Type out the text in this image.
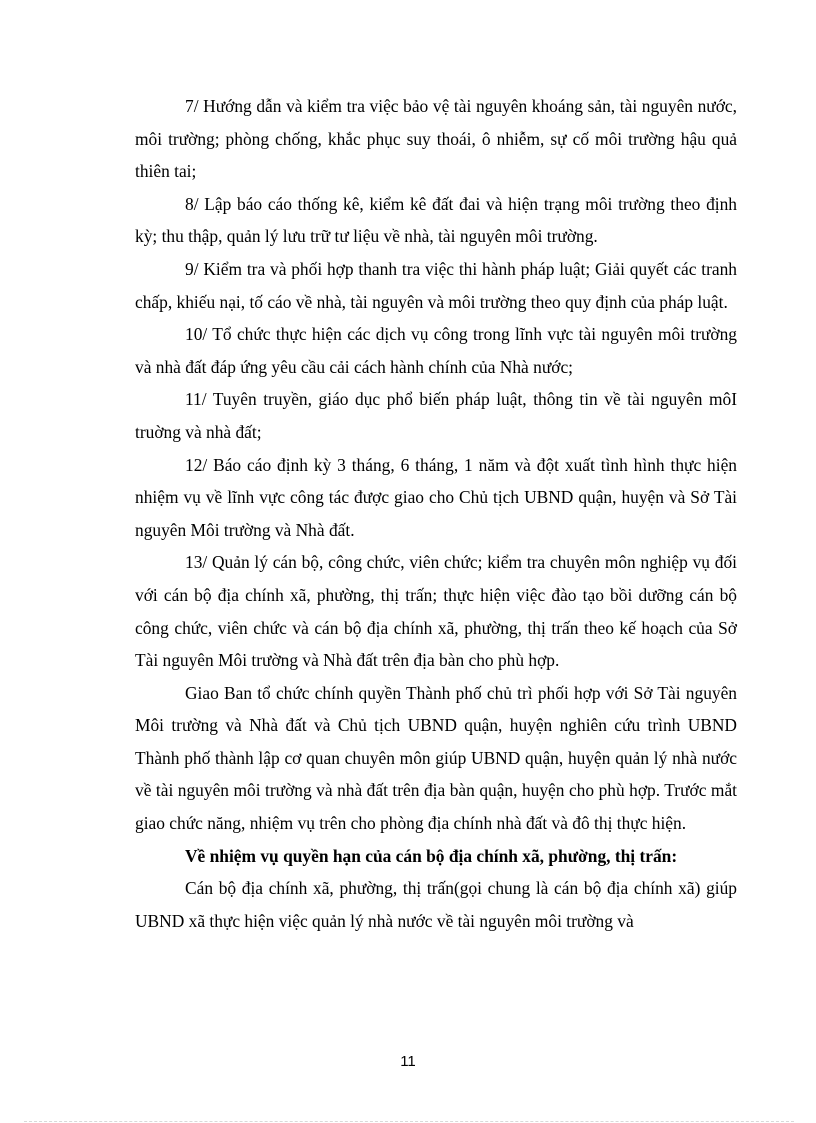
7/ Hướng dẫn và kiểm tra việc bảo vệ tài nguyên khoáng sản, tài nguyên nước, môi trường; phòng chống, khắc phục suy thoái, ô nhiễm, sự cố môi trường hậu quả thiên tai;

8/ Lập báo cáo thống kê, kiểm kê đất đai và hiện trạng môi trường theo định kỳ; thu thập, quản lý lưu trữ tư liệu về nhà, tài nguyên môi trường.

9/ Kiểm tra và phối hợp thanh tra việc thi hành pháp luật; Giải quyết các tranh chấp, khiếu nại, tố cáo về nhà, tài nguyên và môi trường theo quy định của pháp luật.

10/ Tổ chức thực hiện các dịch vụ công trong lĩnh vực tài nguyên môi trường và nhà đất đáp ứng yêu cầu cải cách hành chính của Nhà nước;

11/ Tuyên truyền, giáo dục phổ biến pháp luật, thông tin về tài nguyên môI truờng và nhà đất;

12/ Báo cáo định kỳ 3 tháng, 6 tháng, 1 năm và đột xuất tình hình thực hiện nhiệm vụ về lĩnh vực công tác được giao cho Chủ tịch UBND quận, huyện và Sở Tài nguyên Môi trường và Nhà đất.

13/ Quản lý cán bộ, công chức, viên chức; kiểm tra chuyên môn nghiệp vụ đối với cán bộ địa chính xã, phường, thị trấn; thực hiện việc đào tạo bồi dưỡng cán bộ công chức, viên chức và cán bộ địa chính xã, phường, thị trấn theo kế hoạch của Sở Tài nguyên Môi trường và Nhà đất trên địa bàn cho phù hợp.

Giao Ban tổ chức chính quyền Thành phố chủ trì phối hợp với Sở Tài nguyên Môi trường và Nhà đất và Chủ tịch UBND quận, huyện nghiên cứu trình UBND Thành phố thành lập cơ quan chuyên môn giúp UBND quận, huyện quản lý nhà nước về tài nguyên môi trường và nhà đất trên địa bàn quận, huyện cho phù hợp. Trước mắt giao chức năng, nhiệm vụ trên cho phòng địa chính nhà đất và đô thị thực hiện.

Về nhiệm vụ quyền hạn của cán bộ địa chính xã, phường, thị trấn:

Cán bộ địa chính xã, phường, thị trấn(gọi chung là cán bộ địa chính xã) giúp UBND xã thực hiện việc quản lý nhà nước về tài nguyên môi trường và

11
